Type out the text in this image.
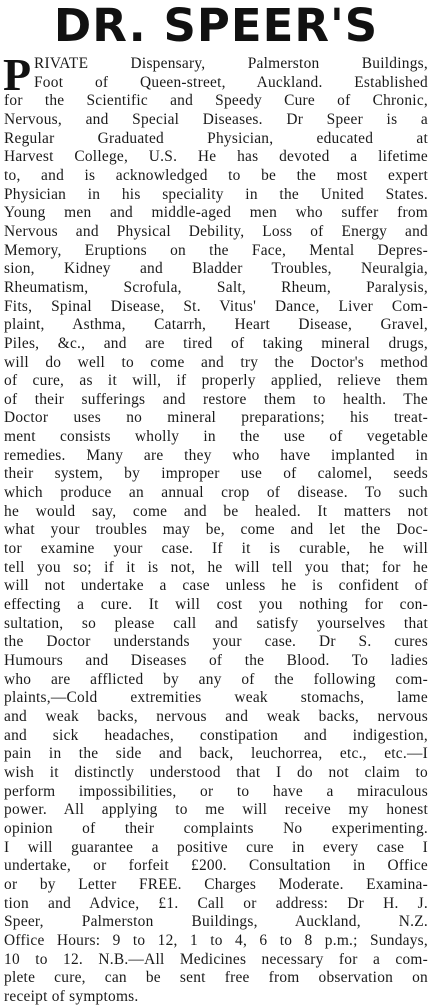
DR. SPEER'S
P RIVATE Dispensary, Palmerston Buildings,
Foot of Queen-street, Auckland. Established
for the Scientific and Speedy Cure of Chronic,
Nervous, and Special Diseases. Dr Speer is a
Regular Graduated Physician, educated at
Harvest College, U.S. He has devoted a lifetime
to, and is acknowledged to be the most expert
Physician in his speciality in the United States.
Young men and middle-aged men who suffer from
Nervous and Physical Debility, Loss of Energy and
Memory, Eruptions on the Face, Mental Depres-
sion, Kidney and Bladder Troubles, Neuralgia,
Rheumatism, Scrofula, Salt, Rheum, Paralysis,
Fits, Spinal Disease, St. Vitus' Dance, Liver Com-
plaint, Asthma, Catarrh, Heart Disease, Gravel,
Piles, &c., and are tired of taking mineral drugs,
will do well to come and try the Doctor's method
of cure, as it will, if properly applied, relieve them
of their sufferings and restore them to health. The
Doctor uses no mineral preparations; his treat-
ment consists wholly in the use of vegetable
remedies. Many are they who have implanted in
their system, by improper use of calomel, seeds
which produce an annual crop of disease. To such
he would say, come and be healed. It matters not
what your troubles may be, come and let the Doc-
tor examine your case. If it is curable, he will
tell you so; if it is not, he will tell you that; for he
will not undertake a case unless he is confident of
effecting a cure. It will cost you nothing for con-
sultation, so please call and satisfy yourselves that
the Doctor understands your case. Dr S. cures
Humours and Diseases of the Blood. To ladies
who are afflicted by any of the following com-
plaints,—Cold extremities weak stomachs, lame
and weak backs, nervous and weak backs, nervous
and sick headaches, constipation and indigestion,
pain in the side and back, leuchorrea, etc., etc.—I
wish it distinctly understood that I do not claim to
perform impossibilities, or to have a miraculous
power. All applying to me will receive my honest
opinion of their complaints No experimenting.
I will guarantee a positive cure in every case I
undertake, or forfeit £200. Consultation in Office
or by Letter FREE. Charges Moderate. Examina-
tion and Advice, £1. Call or address: Dr H. J.
Speer, Palmerston Buildings, Auckland, N.Z.
Office Hours: 9 to 12, 1 to 4, 6 to 8 p.m.; Sundays,
10 to 12. N.B.—All Medicines necessary for a com-
plete cure, can be sent free from observation on
receipt of symptoms.
